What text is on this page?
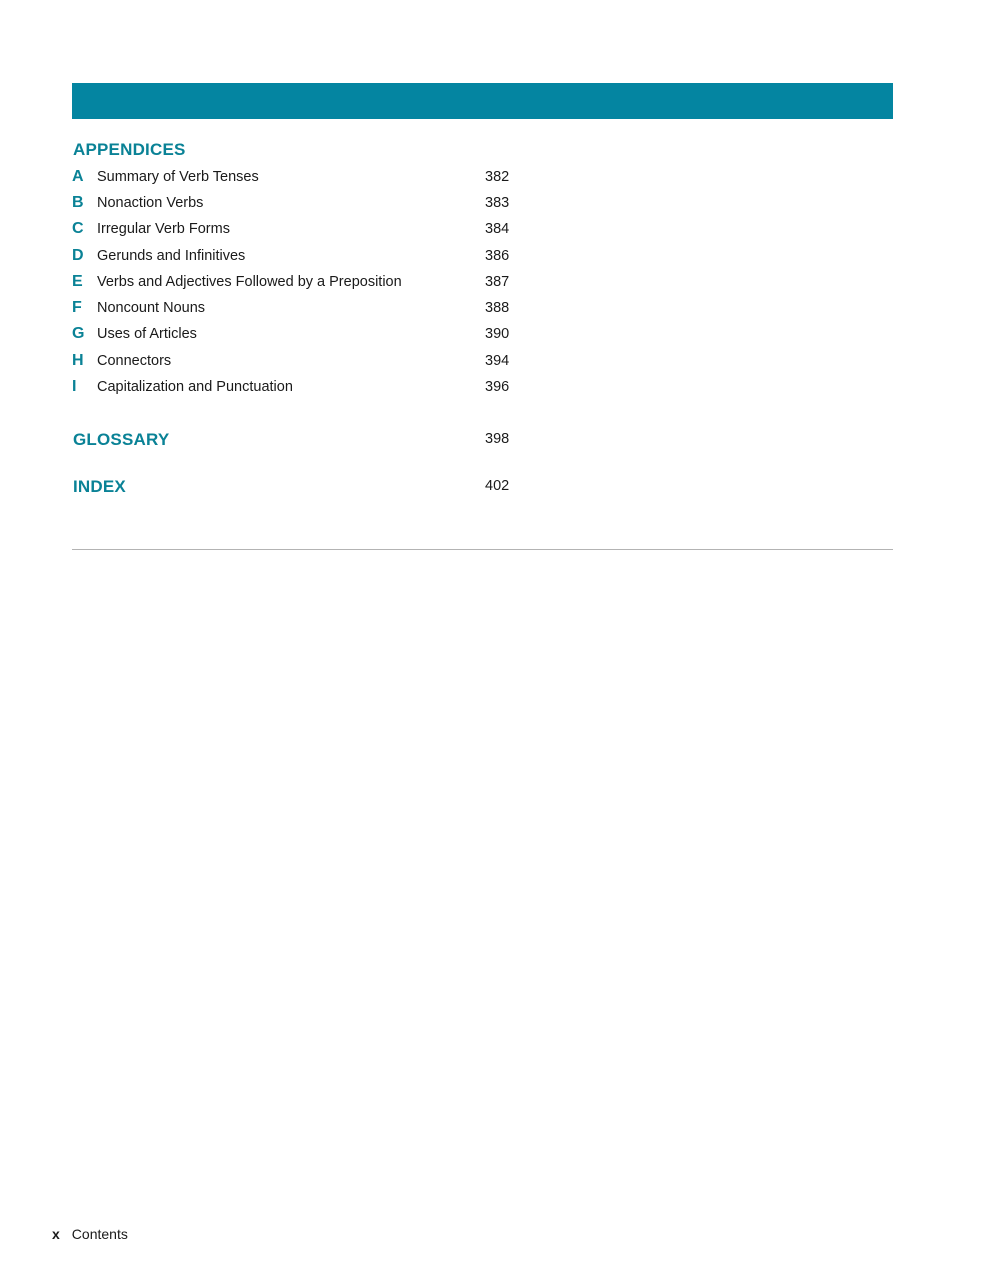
APPENDICES
A Summary of Verb Tenses	382
B Nonaction Verbs	383
C Irregular Verb Forms	384
D Gerunds and Infinitives	386
E Verbs and Adjectives Followed by a Preposition	387
F Noncount Nouns	388
G Uses of Articles	390
H Connectors	394
I Capitalization and Punctuation	396
GLOSSARY	398
INDEX	402
x Contents
